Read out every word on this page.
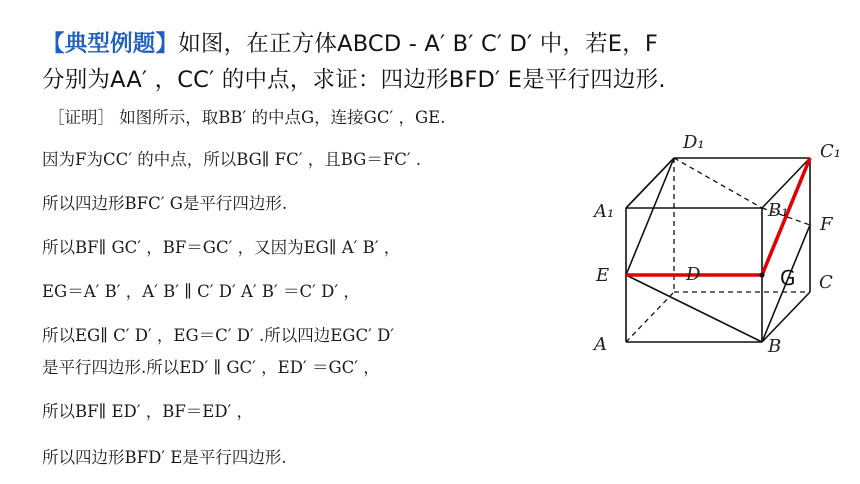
【典型例题】如图，在正方体ABCD - A′ B′ C′ D′ 中，若E，F
分别为AA′ ，CC′ 的中点，求证：四边形BFD′ E是平行四边形.
［证明］ 如图所示，取BB′ 的中点G，连接GC′ ，GE.
因为F为CC′ 的中点，所以BG∥ FC′ ，且BG＝FC′ .
所以四边形BFC′ G是平行四边形.
所以BF∥ GC′ ，BF＝GC′ ，又因为EG∥ A′ B′ ，
EG＝A′ B′ ，A′ B′ ∥ C′ D′ A′ B′ ＝C′ D′ ，
所以EG∥ C′ D′ ，EG＝C′ D′ .所以四边EGC′ D′
是平行四边形.所以ED′ ∥ GC′ ，ED′ ＝GC′ ，
所以BF∥ ED′ ，BF＝ED′ ，
所以四边形BFD′ E是平行四边形.
D₁	C₁
A₁	B₁
F
E	D	G C
A	B
